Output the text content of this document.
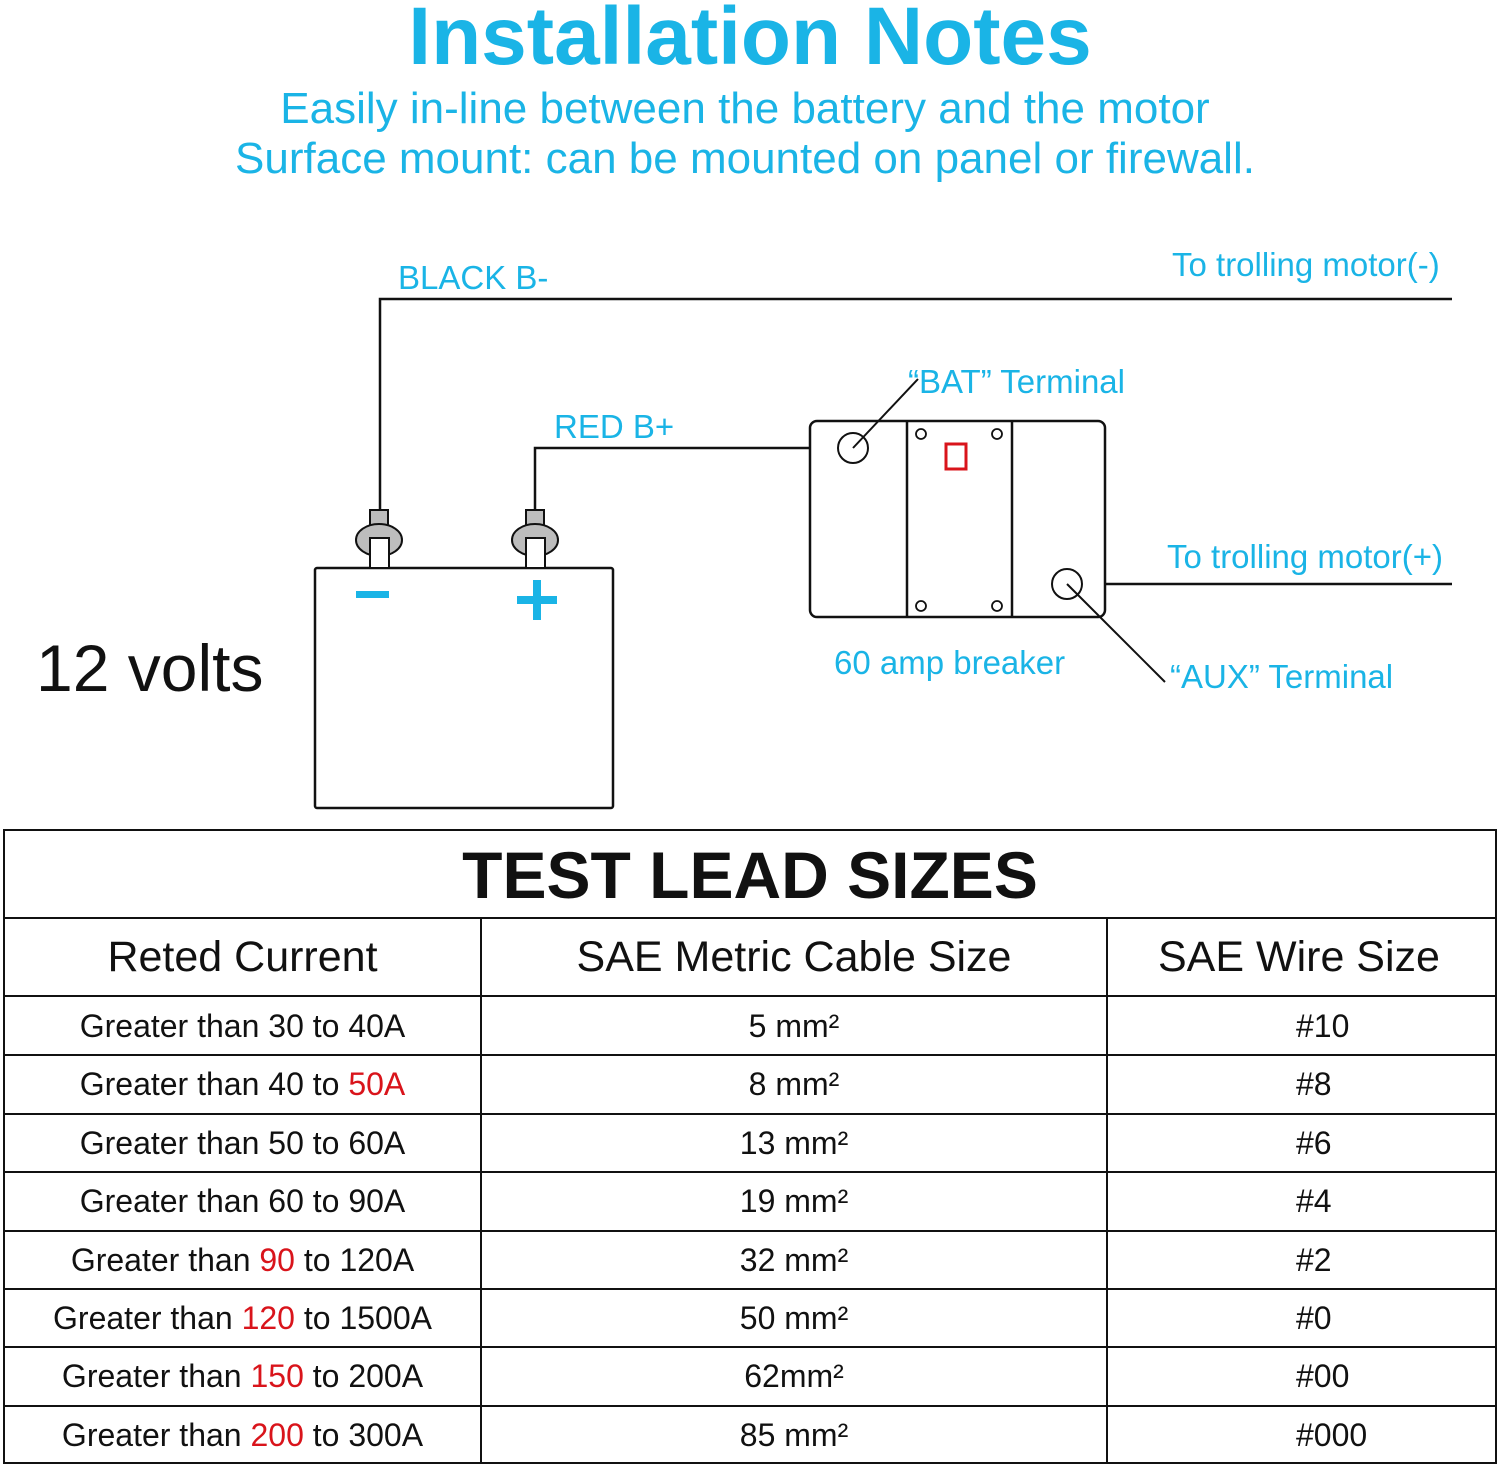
Installation Notes
Easily in-line between the battery and the motor
Surface mount: can be mounted on panel or firewall.
BLACK B-	To trolling motor(-)
“BAT” Terminal
RED B+
To trolling motor(+)
60 amp breaker	“AUX” Terminal
12 volts
TEST LEAD SIZES
Reted Current	SAE Metric Cable Size	SAE Wire Size
Greater than 30 to 40A	5 mm²	#10
Greater than 40 to 50A	8 mm²	#8
Greater than 50 to 60A	13 mm²	#6
Greater than 60 to 90A	19 mm²	#4
Greater than 90 to 120A	32 mm²	#2
Greater than 120 to 1500A	50 mm²	#0
Greater than 150 to 200A	62mm²	#00
Greater than 200 to 300A	85 mm²	#000
